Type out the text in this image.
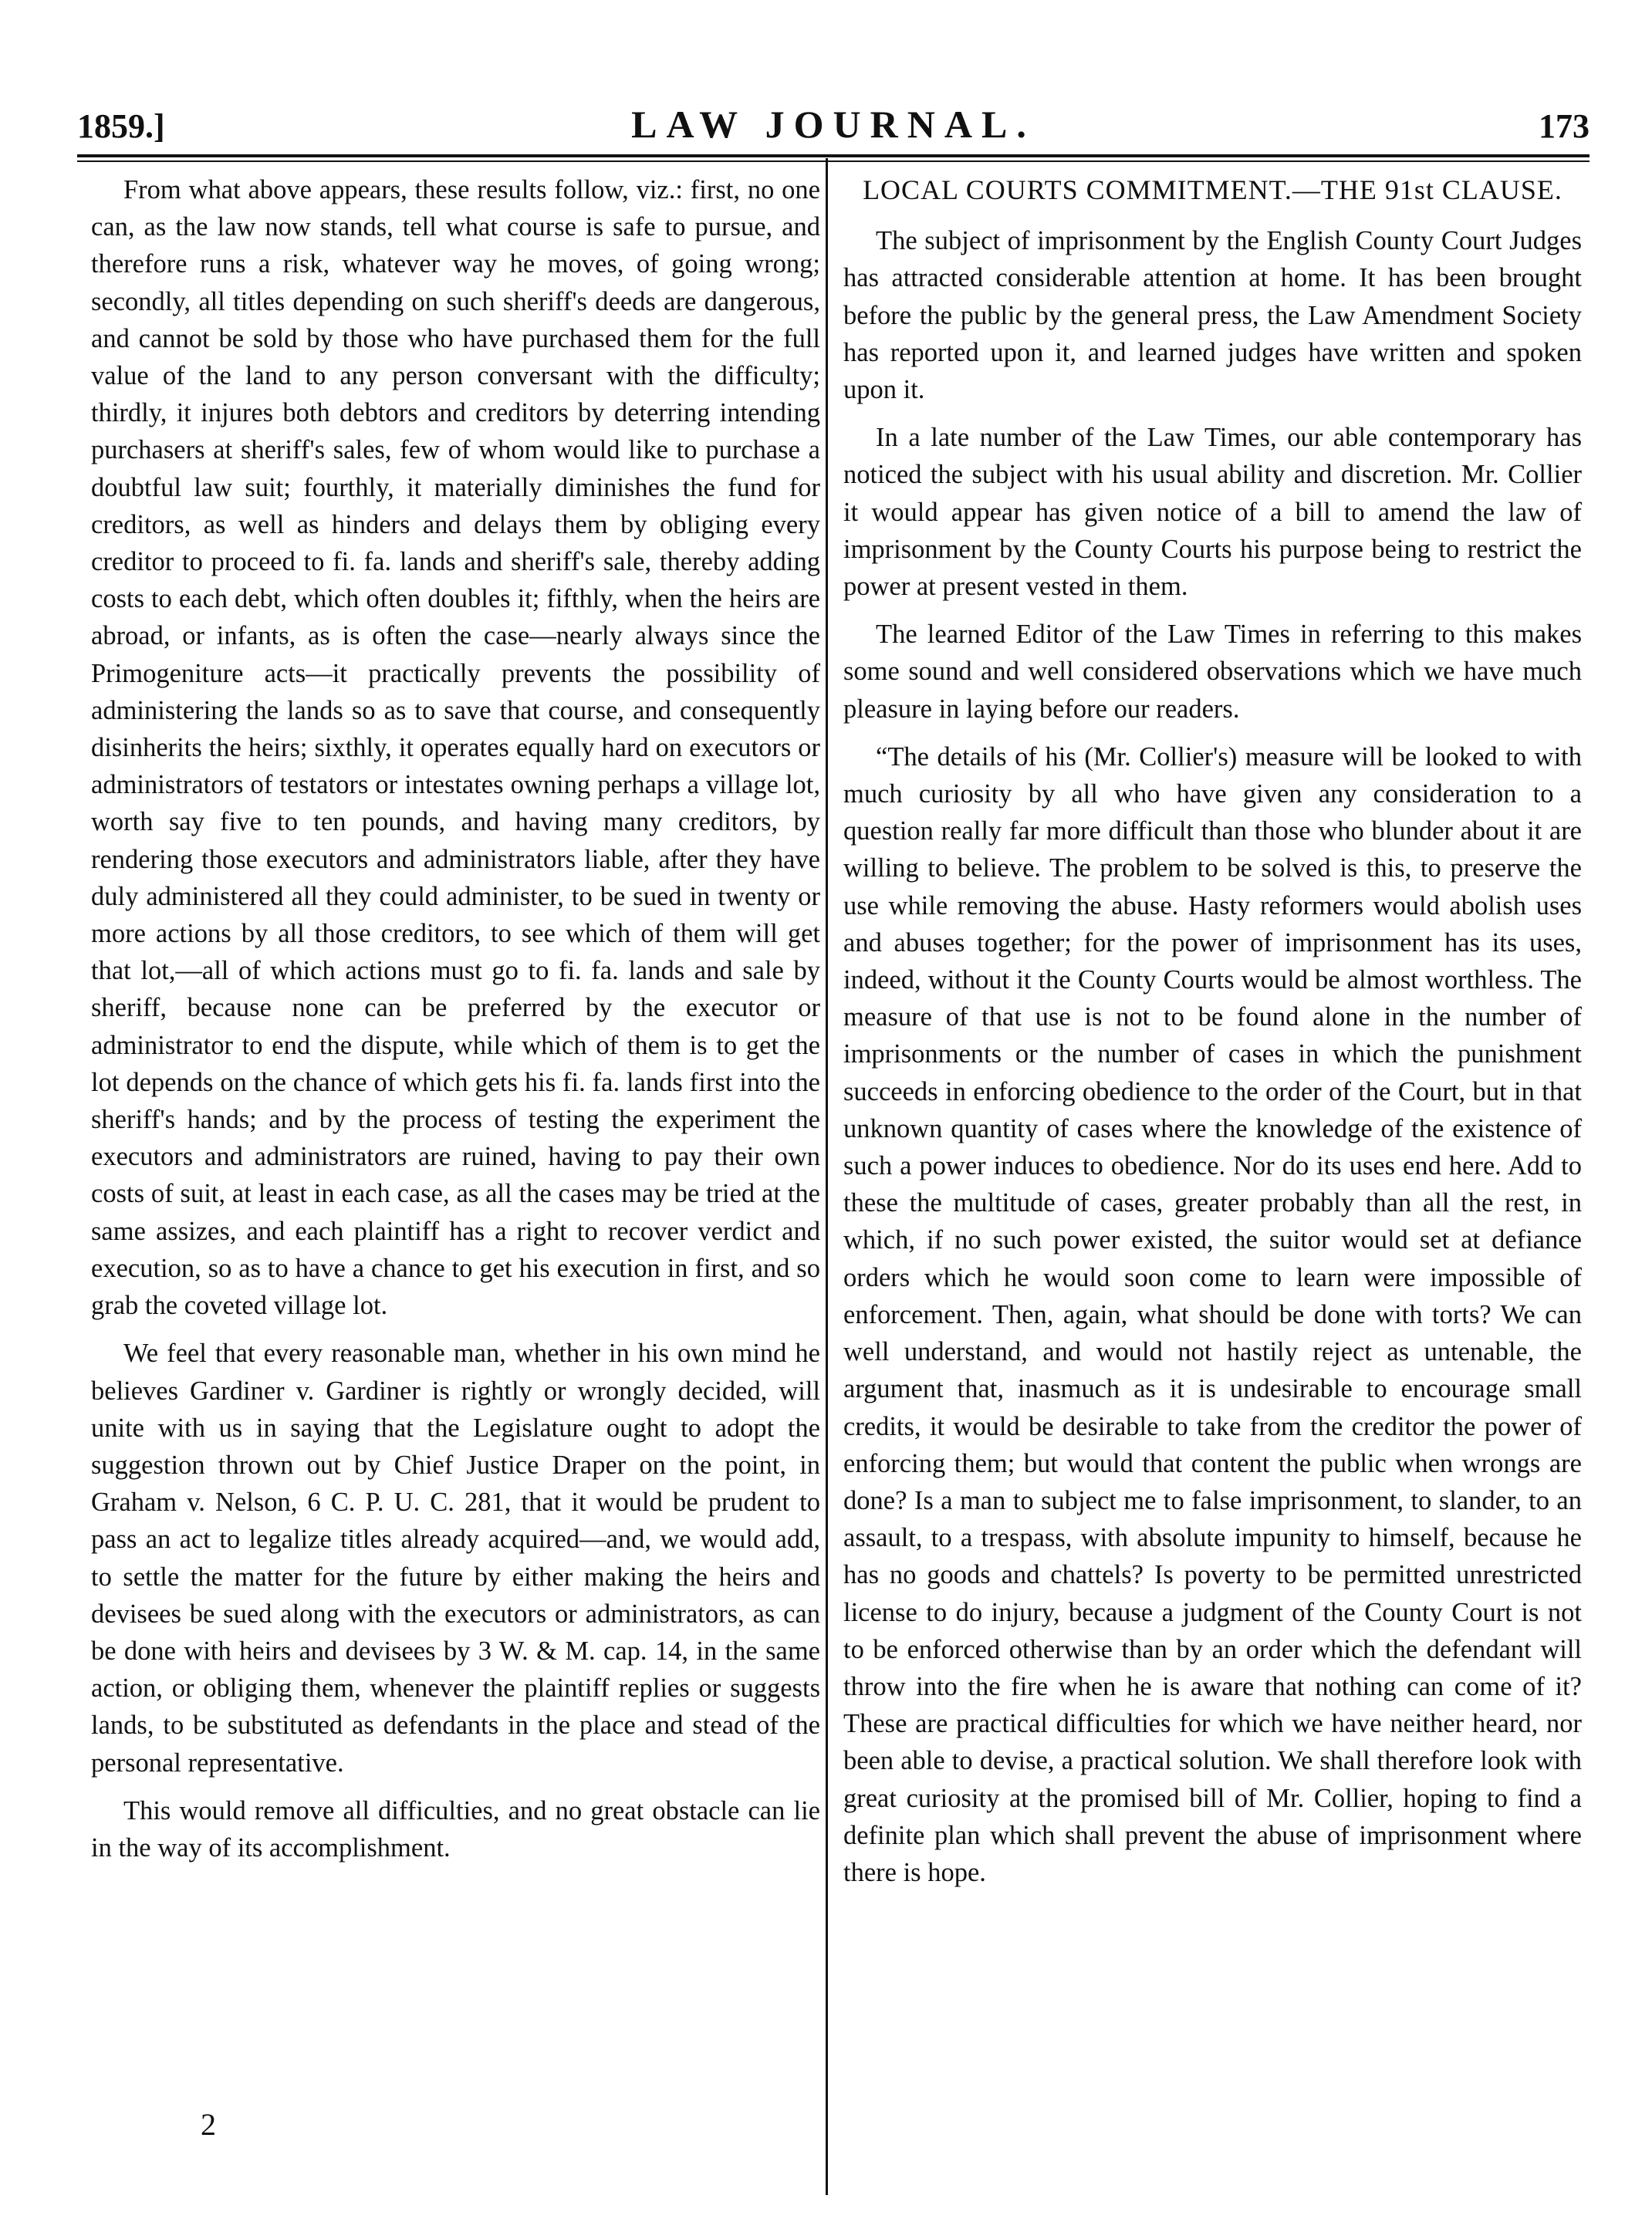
1859.]	LAW JOURNAL.	173

From what above appears, these results follow, viz.: first, no one can, as the law now stands, tell what course is safe to pursue, and therefore runs a risk, whatever way he moves, of going wrong; secondly, all titles depending on such sheriff's deeds are dangerous, and cannot be sold by those who have purchased them for the full value of the land to any person conversant with the difficulty; thirdly, it injures both debtors and creditors by deterring intending purchasers at sheriff's sales, few of whom would like to purchase a doubtful law suit; fourthly, it materially diminishes the fund for creditors, as well as hinders and delays them by obliging every creditor to proceed to fi. fa. lands and sheriff's sale, thereby adding costs to each debt, which often doubles it; fifthly, when the heirs are abroad, or infants, as is often the case—nearly always since the Primogeniture acts—it practically prevents the possibility of administering the lands so as to save that course, and consequently disinherits the heirs; sixthly, it operates equally hard on executors or administrators of testators or intestates owning perhaps a village lot, worth say five to ten pounds, and having many creditors, by rendering those executors and administrators liable, after they have duly administered all they could administer, to be sued in twenty or more actions by all those creditors, to see which of them will get that lot,—all of which actions must go to fi. fa. lands and sale by sheriff, because none can be preferred by the executor or administrator to end the dispute, while which of them is to get the lot depends on the chance of which gets his fi. fa. lands first into the sheriff's hands; and by the process of testing the experiment the executors and administrators are ruined, having to pay their own costs of suit, at least in each case, as all the cases may be tried at the same assizes, and each plaintiff has a right to recover verdict and execution, so as to have a chance to get his execution in first, and so grab the coveted village lot.

We feel that every reasonable man, whether in his own mind he believes Gardiner v. Gardiner is rightly or wrongly decided, will unite with us in saying that the Legislature ought to adopt the suggestion thrown out by Chief Justice Draper on the point, in Graham v. Nelson, 6 C. P. U. C. 281, that it would be prudent to pass an act to legalize titles already acquired—and, we would add, to settle the matter for the future by either making the heirs and devisees be sued along with the executors or administrators, as can be done with heirs and devisees by 3 W. & M. cap. 14, in the same action, or obliging them, whenever the plaintiff replies or suggests lands, to be substituted as defendants in the place and stead of the personal representative.

This would remove all difficulties, and no great obstacle can lie in the way of its accomplishment.

2
LOCAL COURTS COMMITMENT.—THE 91st CLAUSE.

The subject of imprisonment by the English County Court Judges has attracted considerable attention at home. It has been brought before the public by the general press, the Law Amendment Society has reported upon it, and learned judges have written and spoken upon it.

In a late number of the Law Times, our able contemporary has noticed the subject with his usual ability and discretion. Mr. Collier it would appear has given notice of a bill to amend the law of imprisonment by the County Courts his purpose being to restrict the power at present vested in them.

The learned Editor of the Law Times in referring to this makes some sound and well considered observations which we have much pleasure in laying before our readers.

“The details of his (Mr. Collier's) measure will be looked to with much curiosity by all who have given any consideration to a question really far more difficult than those who blunder about it are willing to believe. The problem to be solved is this, to preserve the use while removing the abuse. Hasty reformers would abolish uses and abuses together; for the power of imprisonment has its uses, indeed, without it the County Courts would be almost worthless. The measure of that use is not to be found alone in the number of imprisonments or the number of cases in which the punishment succeeds in enforcing obedience to the order of the Court, but in that unknown quantity of cases where the knowledge of the existence of such a power induces to obedience. Nor do its uses end here. Add to these the multitude of cases, greater probably than all the rest, in which, if no such power existed, the suitor would set at defiance orders which he would soon come to learn were impossible of enforcement. Then, again, what should be done with torts? We can well understand, and would not hastily reject as untenable, the argument that, inasmuch as it is undesirable to encourage small credits, it would be desirable to take from the creditor the power of enforcing them; but would that content the public when wrongs are done? Is a man to subject me to false imprisonment, to slander, to an assault, to a trespass, with absolute impunity to himself, because he has no goods and chattels? Is poverty to be permitted unrestricted license to do injury, because a judgment of the County Court is not to be enforced otherwise than by an order which the defendant will throw into the fire when he is aware that nothing can come of it? These are practical difficulties for which we have neither heard, nor been able to devise, a practical solution. We shall therefore look with great curiosity at the promised bill of Mr. Collier, hoping to find a definite plan which shall prevent the abuse of imprisonment where there is hope.
